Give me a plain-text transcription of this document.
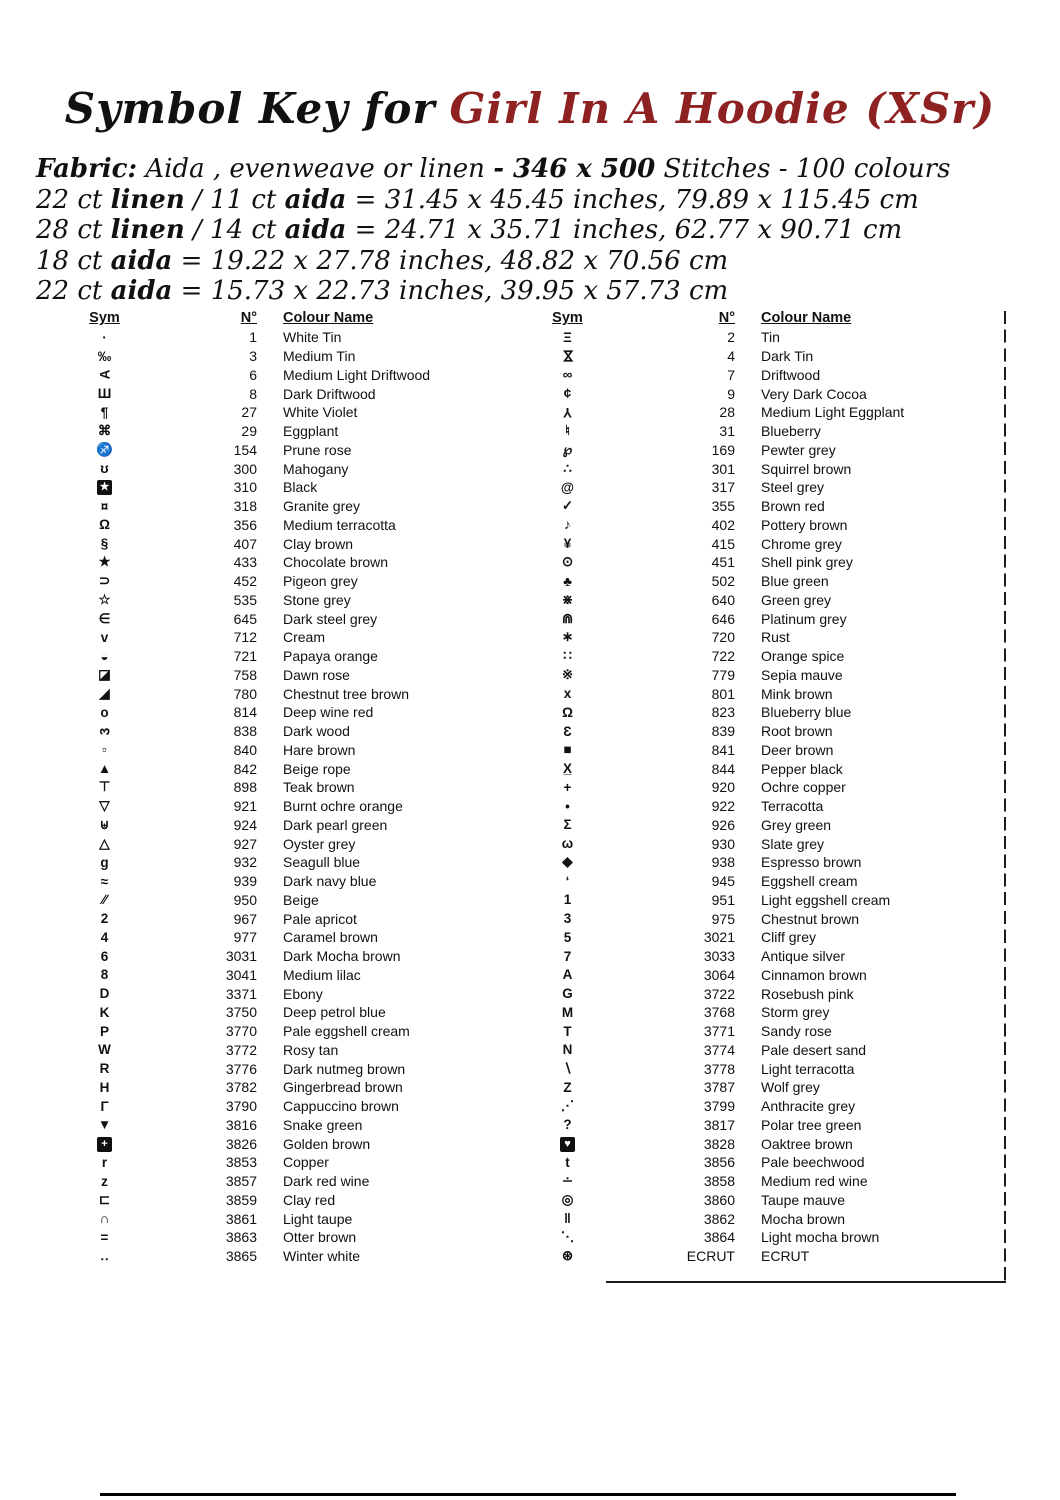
Symbol Key for Girl In A Hoodie (XSr)
Fabric: Aida , evenweave or linen - 346 x 500 Stitches - 100 colours
22 ct linen / 11 ct aida = 31.45 x 45.45 inches, 79.89 x 115.45 cm
28 ct linen / 14 ct aida = 24.71 x 35.71 inches, 62.77 x 90.71 cm
18 ct aida = 19.22 x 27.78 inches, 48.82 x 70.56 cm
22 ct aida = 15.73 x 22.73 inches, 39.95 x 57.73 cm
Sym	N°	Colour Name
·	1	White Tin
‰	3	Medium Tin
A	6	Medium Light Driftwood
Ш	8	Dark Driftwood
¶	27	White Violet
⌘	29	Eggplant
♐	154	Prune rose
ʊ	300	Mahogany
★	310	Black
¤	318	Granite grey
Ω	356	Medium terracotta
§	407	Clay brown
★	433	Chocolate brown
⊃	452	Pigeon grey
☆	535	Stone grey
∈	645	Dark steel grey
v	712	Cream
◒	721	Papaya orange
◪	758	Dawn rose
◢	780	Chestnut tree brown
o	814	Deep wine red
3	838	Dark wood
▫	840	Hare brown
▲	842	Beige rope
⊤	898	Teak brown
▽	921	Burnt ochre orange
⊎	924	Dark pearl green
△	927	Oyster grey
g	932	Seagull blue
≈	939	Dark navy blue
∕∕	950	Beige
2	967	Pale apricot
4	977	Caramel brown
6	3031	Dark Mocha brown
8	3041	Medium lilac
D	3371	Ebony
K	3750	Deep petrol blue
P	3770	Pale eggshell cream
W	3772	Rosy tan
R	3776	Dark nutmeg brown
H	3782	Gingerbread brown
Γ	3790	Cappuccino brown
▼	3816	Snake green
+	3826	Golden brown
r	3853	Copper
z	3857	Dark red wine
⊏	3859	Clay red
∩	3861	Light taupe
=	3863	Otter brown
‥	3865	Winter white
Sym	N°	Colour Name
Ξ	2	Tin
⋈	4	Dark Tin
∞	7	Driftwood
¢	9	Very Dark Cocoa
Y	28	Medium Light Eggplant
♮	31	Blueberry
℘	169	Pewter grey
∴	301	Squirrel brown
@	317	Steel grey
✓	355	Brown red
♪	402	Pottery brown
¥	415	Chrome grey
⊙	451	Shell pink grey
♣	502	Blue green
⋇	640	Green grey
⋒	646	Platinum grey
∗	720	Rust
∷	722	Orange spice
※	779	Sepia mauve
x	801	Mink brown
Ω	823	Blueberry blue
Ɛ	839	Root brown
■	841	Deer brown
X̲	844	Pepper black
+	920	Ochre copper
•	922	Terracotta
Σ	926	Grey green
ω	930	Slate grey
◆	938	Espresso brown
‘	945	Eggshell cream
1	951	Light eggshell cream
3	975	Chestnut brown
5	3021	Cliff grey
7	3033	Antique silver
A	3064	Cinnamon brown
G	3722	Rosebush pink
M	3768	Storm grey
T	3771	Sandy rose
N	3774	Pale desert sand
∖	3778	Light terracotta
Z	3787	Wolf grey
⋰	3799	Anthracite grey
?	3817	Polar tree green
♥	3828	Oaktree brown
t	3856	Pale beechwood
∸	3858	Medium red wine
◎	3860	Taupe mauve
‖	3862	Mocha brown
⋱	3864	Light mocha brown
⊛	ECRUT	ECRUT
